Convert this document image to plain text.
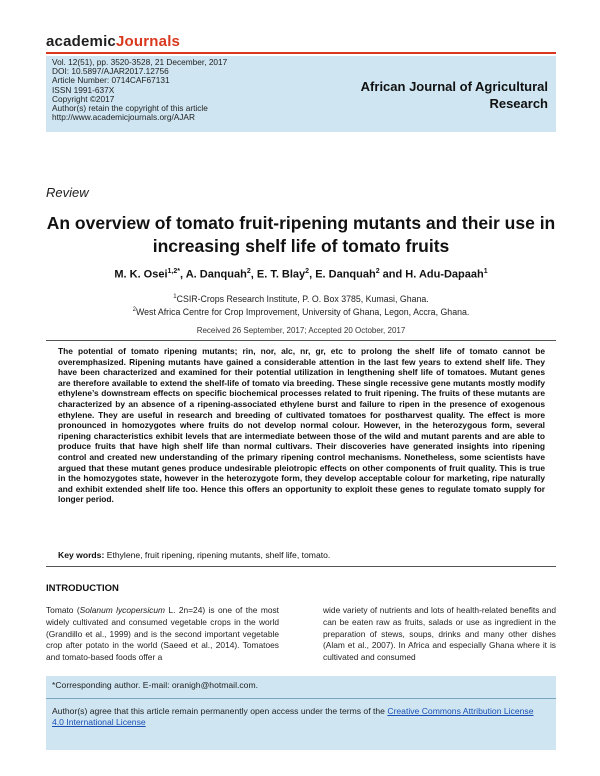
academicJournals
Vol. 12(51), pp. 3520-3528, 21 December, 2017
DOI: 10.5897/AJAR2017.12756
Article Number: 0714CAF67131
ISSN 1991-637X
Copyright ©2017
Author(s) retain the copyright of this article
http://www.academicjournals.org/AJAR
African Journal of Agricultural
Research
Review
An overview of tomato fruit-ripening mutants and their use in increasing shelf life of tomato fruits
M. K. Osei$^{1,2*}$, A. Danquah$^2$, E. T. Blay$^2$, E. Danquah$^2$ and H. Adu-Dapaah$^1$
$^1$CSIR-Crops Research Institute, P. O. Box 3785, Kumasi, Ghana.
$^2$West Africa Centre for Crop Improvement, University of Ghana, Legon, Accra, Ghana.
Received 26 September, 2017; Accepted 20 October, 2017
The potential of tomato ripening mutants; rin, nor, alc, nr, gr, etc to prolong the shelf life of tomato cannot be overemphasized. Ripening mutants have gained a considerable attention in the last few years to extend shelf life. They have been characterized and examined for their potential utilization in lengthening shelf life of tomatoes. Mutant genes are therefore available to extend the shelf-life of tomato via breeding. These single recessive gene mutants mostly modify ethylene’s downstream effects on specific biochemical processes related to fruit ripening. The fruits of these mutants are characterized by an absence of a ripening-associated ethylene burst and failure to ripen in the presence of exogenous ethylene. They are useful in research and breeding of cultivated tomatoes for postharvest quality. The effect is more pronounced in homozygotes where fruits do not develop normal colour. However, in the heterozygous form, several ripening characteristics exhibit levels that are intermediate between those of the wild and mutant parents and are able to produce fruits that have high shelf life than normal cultivars. Their discoveries have generated insights into ripening control and created new understanding of the primary ripening control mechanisms. Nonetheless, some scientists have argued that these mutant genes produce undesirable pleiotropic effects on other components of fruit quality. This is true in the homozygotes state, however in the heterozygote form, they develop acceptable colour for marketing, ripe naturally and exhibit extended shelf life too. Hence this offers an opportunity to exploit these genes to regulate tomato supply for longer period.
Key words: Ethylene, fruit ripening, ripening mutants, shelf life, tomato.
INTRODUCTION
Tomato (Solanum lycopersicum L. 2n=24) is one of the most widely cultivated and consumed vegetable crops in the world (Grandillo et al., 1999) and is the second important vegetable crop after potato in the world (Saeed et al., 2014). Tomatoes and tomato-based foods offer a
wide variety of nutrients and lots of health-related benefits and can be eaten raw as fruits, salads or use as ingredient in the preparation of stews, soups, drinks and many other dishes (Alam et al., 2007). In Africa and especially Ghana where it is cultivated and consumed
*Corresponding author. E-mail: oranigh@hotmail.com.
Author(s) agree that this article remain permanently open access under the terms of the Creative Commons Attribution License 4.0 International License
